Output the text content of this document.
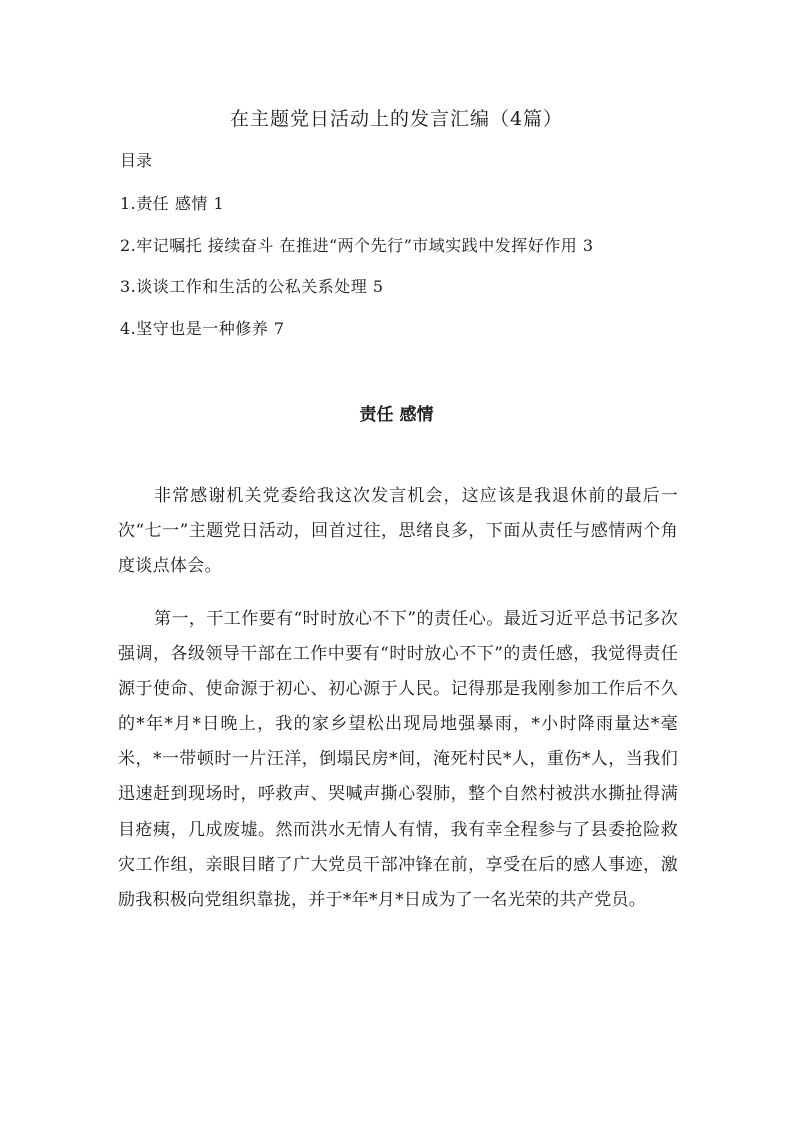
在主题党日活动上的发言汇编（4篇）
目录
1.责任 感情 1
2.牢记嘱托 接续奋斗 在推进“两个先行”市域实践中发挥好作用 3
3.谈谈工作和生活的公私关系处理 5
4.坚守也是一种修养 7
责任 感情

非常感谢机关党委给我这次发言机会，这应该是我退休前的最后一次“七一”主题党日活动，回首过往，思绪良多，下面从责任与感情两个角度谈点体会。

第一，干工作要有“时时放心不下”的责任心。最近习近平总书记多次强调，各级领导干部在工作中要有“时时放心不下”的责任感，我觉得责任源于使命、使命源于初心、初心源于人民。记得那是我刚参加工作后不久的*年*月*日晚上，我的家乡望松出现局地强暴雨，*小时降雨量达*毫米，*一带顿时一片汪洋，倒塌民房*间，淹死村民*人，重伤*人，当我们迅速赶到现场时，呼救声、哭喊声撕心裂肺，整个自然村被洪水撕扯得满目疮痍，几成废墟。然而洪水无情人有情，我有幸全程参与了县委抢险救灾工作组，亲眼目睹了广大党员干部冲锋在前，享受在后的感人事迹，激励我积极向党组织靠拢，并于*年*月*日成为了一名光荣的共产党员。
